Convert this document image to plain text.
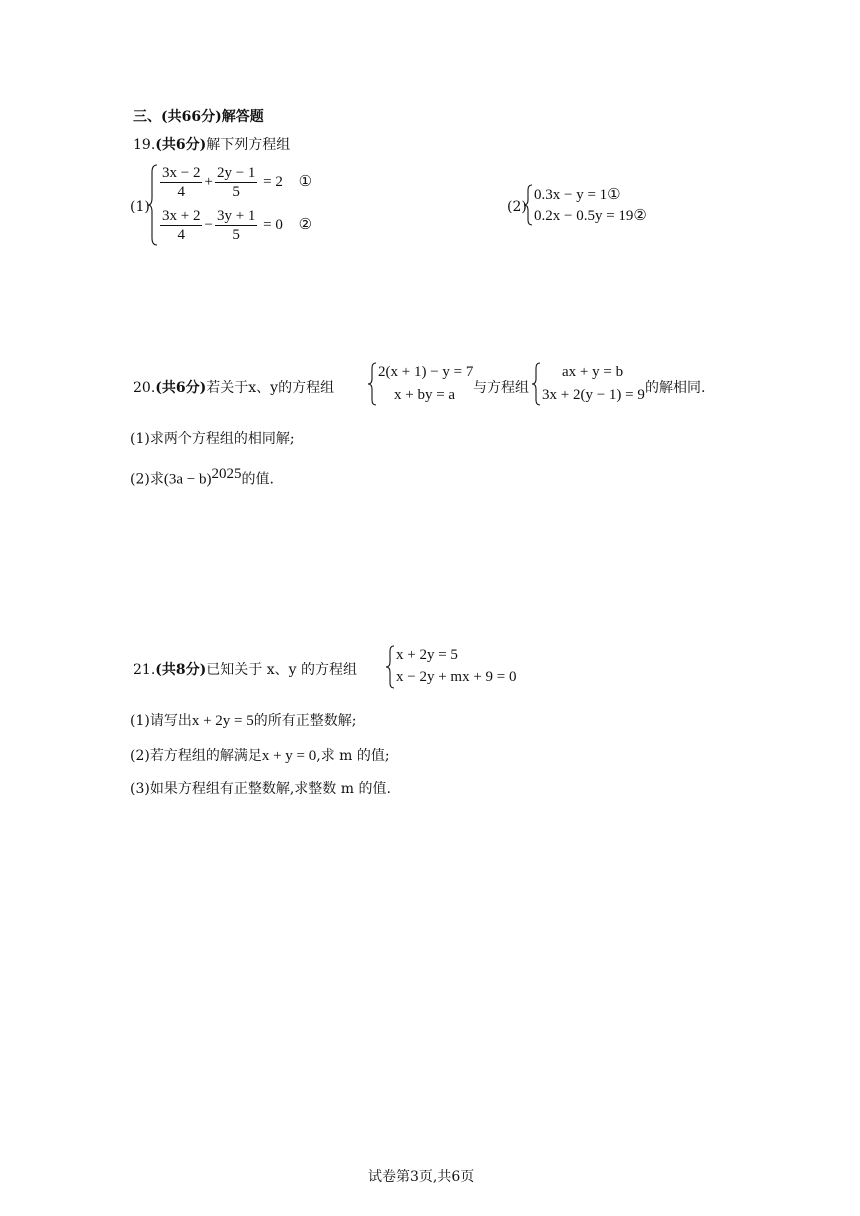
三、(共66分)解答题
19.(共6分)解下列方程组
(1)
$\frac{3x - 2}{4} + \frac{2y - 1}{5} = 2$ ①
$\frac{3x + 2}{4} - \frac{3y + 1}{5} = 0$ ②
(2)
0.3x − y = 1①
0.2x − 0.5y = 19②
20.(共6分)若关于x、y的方程组
2(x + 1) − y = 7
x + by = a 与方程组
ax + y = b
3x + 2(y − 1) = 9 的解相同.
(1)求两个方程组的相同解;
(2)求$(3a - b)^{2025}$的值.
21.(共8分)已知关于 x、y 的方程组
x + 2y = 5
x − 2y + mx + 9 = 0
(1)请写出x + 2y = 5的所有正整数解;
(2)若方程组的解满足x + y = 0,求 m 的值;
(3)如果方程组有正整数解,求整数 m 的值.
试卷第3页,共6页
